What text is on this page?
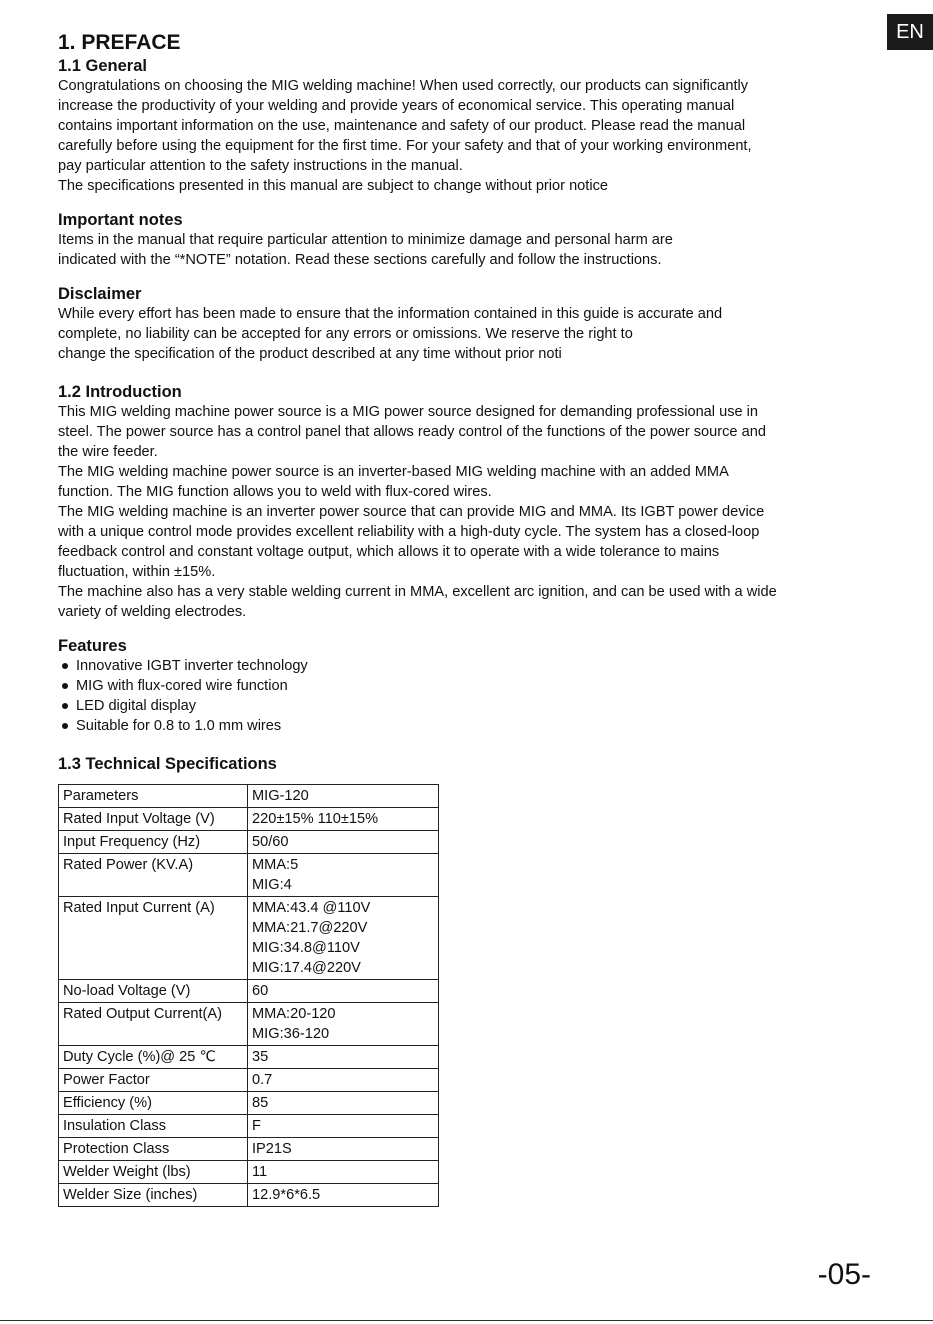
EN
1. PREFACE
1.1 General

Congratulations on choosing the MIG welding machine! When used correctly, our products can significantly
increase the productivity of your welding and provide years of economical service. This operating manual
contains important information on the use, maintenance and safety of our product. Please read the manual
carefully before using the equipment for the first time. For your safety and that of your working environment,
pay particular attention to the safety instructions in the manual.
The specifications presented in this manual are subject to change without prior notice

Important notes

Items in the manual that require particular attention to minimize damage and personal harm are
indicated with the “*NOTE” notation. Read these sections carefully and follow the instructions.

Disclaimer

While every effort has been made to ensure that the information contained in this guide is accurate and
complete, no liability can be accepted for any errors or omissions. We reserve the right to
change the specification of the product described at any time without prior noti

1.2 Introduction

This MIG welding machine power source is a MIG power source designed for demanding professional use in
steel. The power source has a control panel that allows ready control of the functions of the power source and
the wire feeder.
The MIG welding machine power source is an inverter-based MIG welding machine with an added MMA
function. The MIG function allows you to weld with flux-cored wires.
The MIG welding machine is an inverter power source that can provide MIG and MMA. Its IGBT power device
with a unique control mode provides excellent reliability with a high-duty cycle. The system has a closed-loop
feedback control and constant voltage output, which allows it to operate with a wide tolerance to mains
fluctuation, within ±15%.
The machine also has a very stable welding current in MMA, excellent arc ignition, and can be used with a wide
variety of welding electrodes.

Features
Innovative IGBT inverter technology
MIG with flux-cored wire function
LED digital display
Suitable for 0.8 to 1.0 mm wires
1.3 Technical Specifications
Parameters	MIG-120

Rated Input Voltage (V)	220±15% 110±15%

Input Frequency (Hz)	50/60

Rated Power (KV.A)	MMA:5
MIG:4

Rated Input Current (A)	MMA:43.4 @110V
MMA:21.7@220V
MIG:34.8@110V
MIG:17.4@220V

No-load Voltage (V)	60

Rated Output Current(A)	MMA:20-120
MIG:36-120

Duty Cycle (%)@ 25 ℃	35

Power Factor	0.7

Efficiency (%)	85

Insulation Class	F

Protection Class	IP21S

Welder Weight (lbs)	11

Welder Size (inches)	12.9*6*6.5
-05-
